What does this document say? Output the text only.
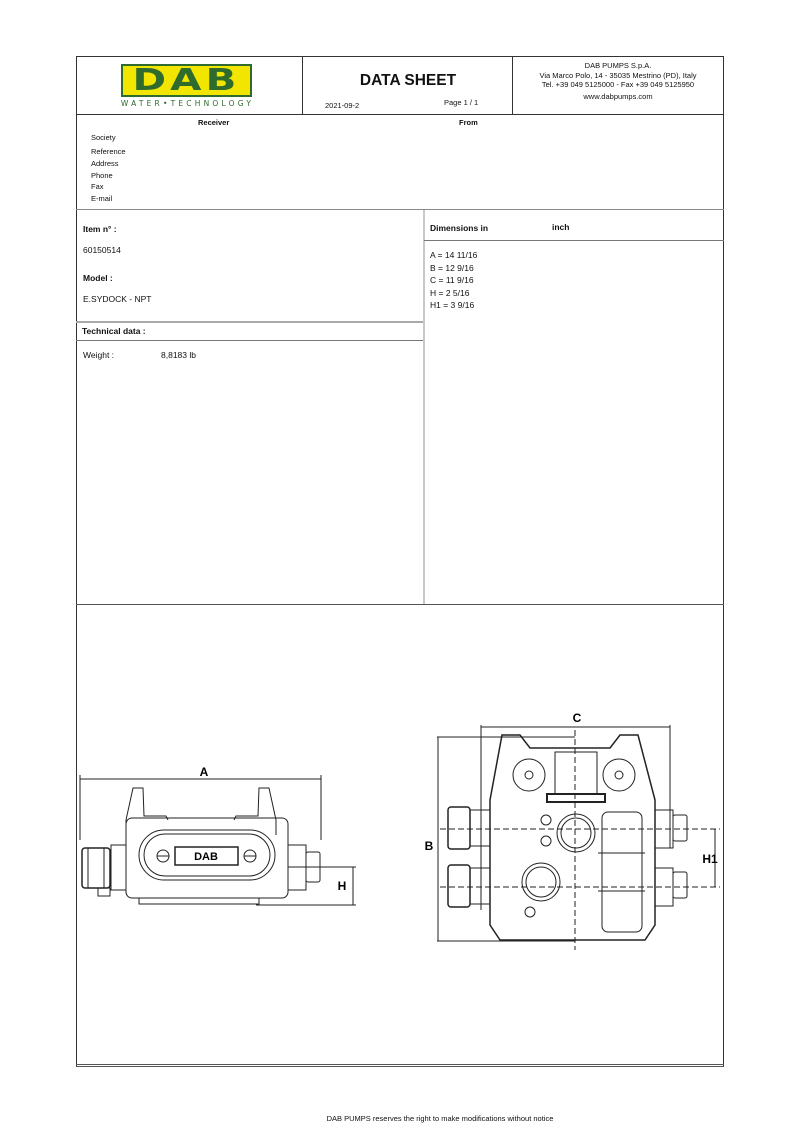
DAB
WATER•TECHNOLOGY
DATA SHEET
2021-09-2	Page 1 / 1
DAB PUMPS S.p.A.
Via Marco Polo, 14 - 35035 Mestrino (PD), Italy
Tel. +39 049 5125000 - Fax +39 049 5125950
www.dabpumps.com
Receiver	From
Society
Reference
Address
Phone
Fax
E-mail
Item n° :
60150514
Model :
E.SYDOCK - NPT
Technical data :
Weight :	8,8183 lb
Dimensions in	inch
A = 14 11/16
B = 12 9/16
C = 11 9/16
H = 2 5/16
H1 = 3 9/16
A
H
DAB
C
B
H1
DAB PUMPS reserves the right to make modifications without notice
